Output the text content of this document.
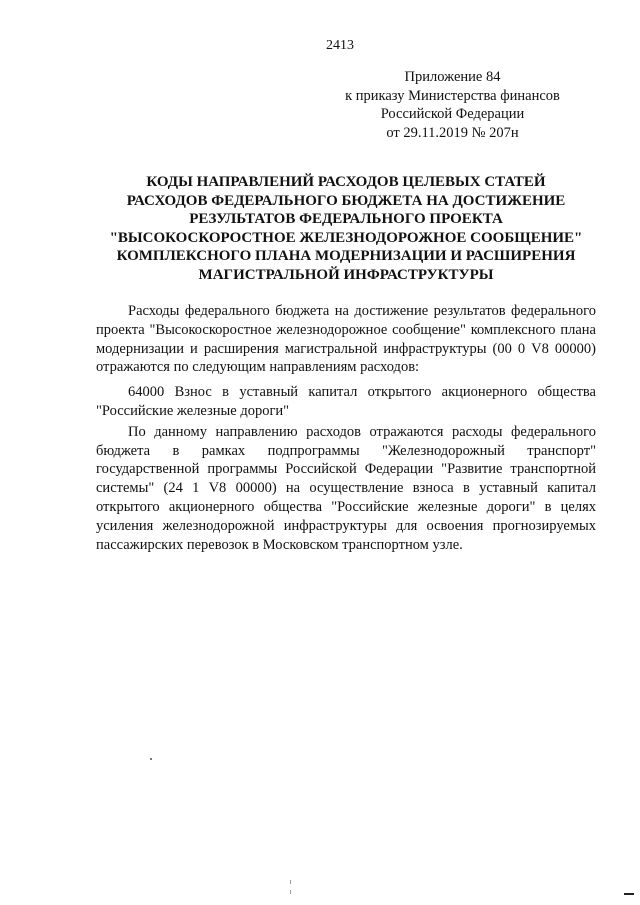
2413
Приложение 84
к приказу Министерства финансов
Российской Федерации
от 29.11.2019 № 207н
КОДЫ НАПРАВЛЕНИЙ РАСХОДОВ ЦЕЛЕВЫХ СТАТЕЙ
РАСХОДОВ ФЕДЕРАЛЬНОГО БЮДЖЕТА НА ДОСТИЖЕНИЕ
РЕЗУЛЬТАТОВ ФЕДЕРАЛЬНОГО ПРОЕКТА
"ВЫСОКОСКОРОСТНОЕ ЖЕЛЕЗНОДОРОЖНОЕ СООБЩЕНИЕ"
КОМПЛЕКСНОГО ПЛАНА МОДЕРНИЗАЦИИ И РАСШИРЕНИЯ
МАГИСТРАЛЬНОЙ ИНФРАСТРУКТУРЫ

Расходы федерального бюджета на достижение результатов федерального проекта "Высокоскоростное железнодорожное сообщение" комплексного плана модернизации и расширения магистральной инфраструктуры (00 0 V8 00000) отражаются по следующим направлениям расходов:

64000 Взнос в уставный капитал открытого акционерного общества "Российские железные дороги"

По данному направлению расходов отражаются расходы федерального бюджета в рамках подпрограммы "Железнодорожный транспорт" государственной программы Российской Федерации "Развитие транспортной системы" (24 1 V8 00000) на осуществление взноса в уставный капитал открытого акционерного общества "Российские железные дороги" в целях усиления железнодорожной инфраструктуры для освоения прогнозируемых пассажирских перевозок в Московском транспортном узле.
